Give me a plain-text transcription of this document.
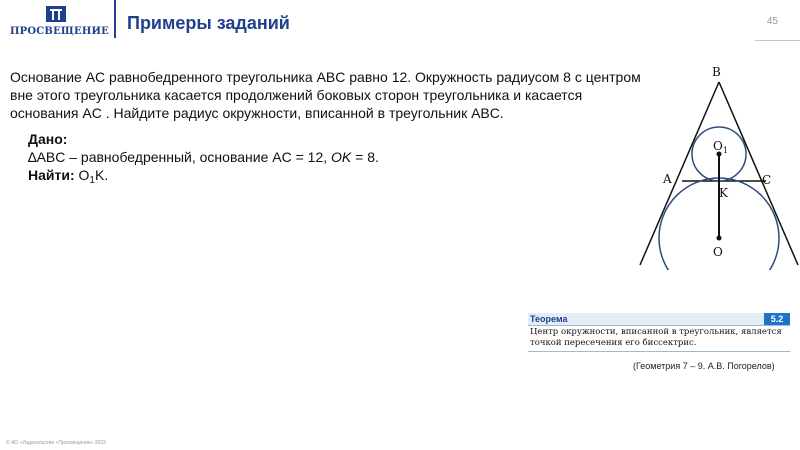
ПРОСВЕЩЕНИЕ Примеры заданий	45

Основание AC равнобедренного треугольника ABC равно 12. Окружность радиусом 8 с центром вне этого треугольника касается продолжений боковых сторон треугольника и касается основания AC . Найдите радиус окружности, вписанной в треугольник ABC.

Дано:

∆ABC – равнобедренный, основание AC = 12, OK = 8.

Найти: $O_1K$.

B
A	C
K
O
$O_1$
Теорема	5.2

Центр окружности, вписанной в треугольник, является точкой пересечения его биссектрис.

(Геометрия 7 – 9. А.В. Погорелов)
© АО «Издательство «Просвещение» 2023
